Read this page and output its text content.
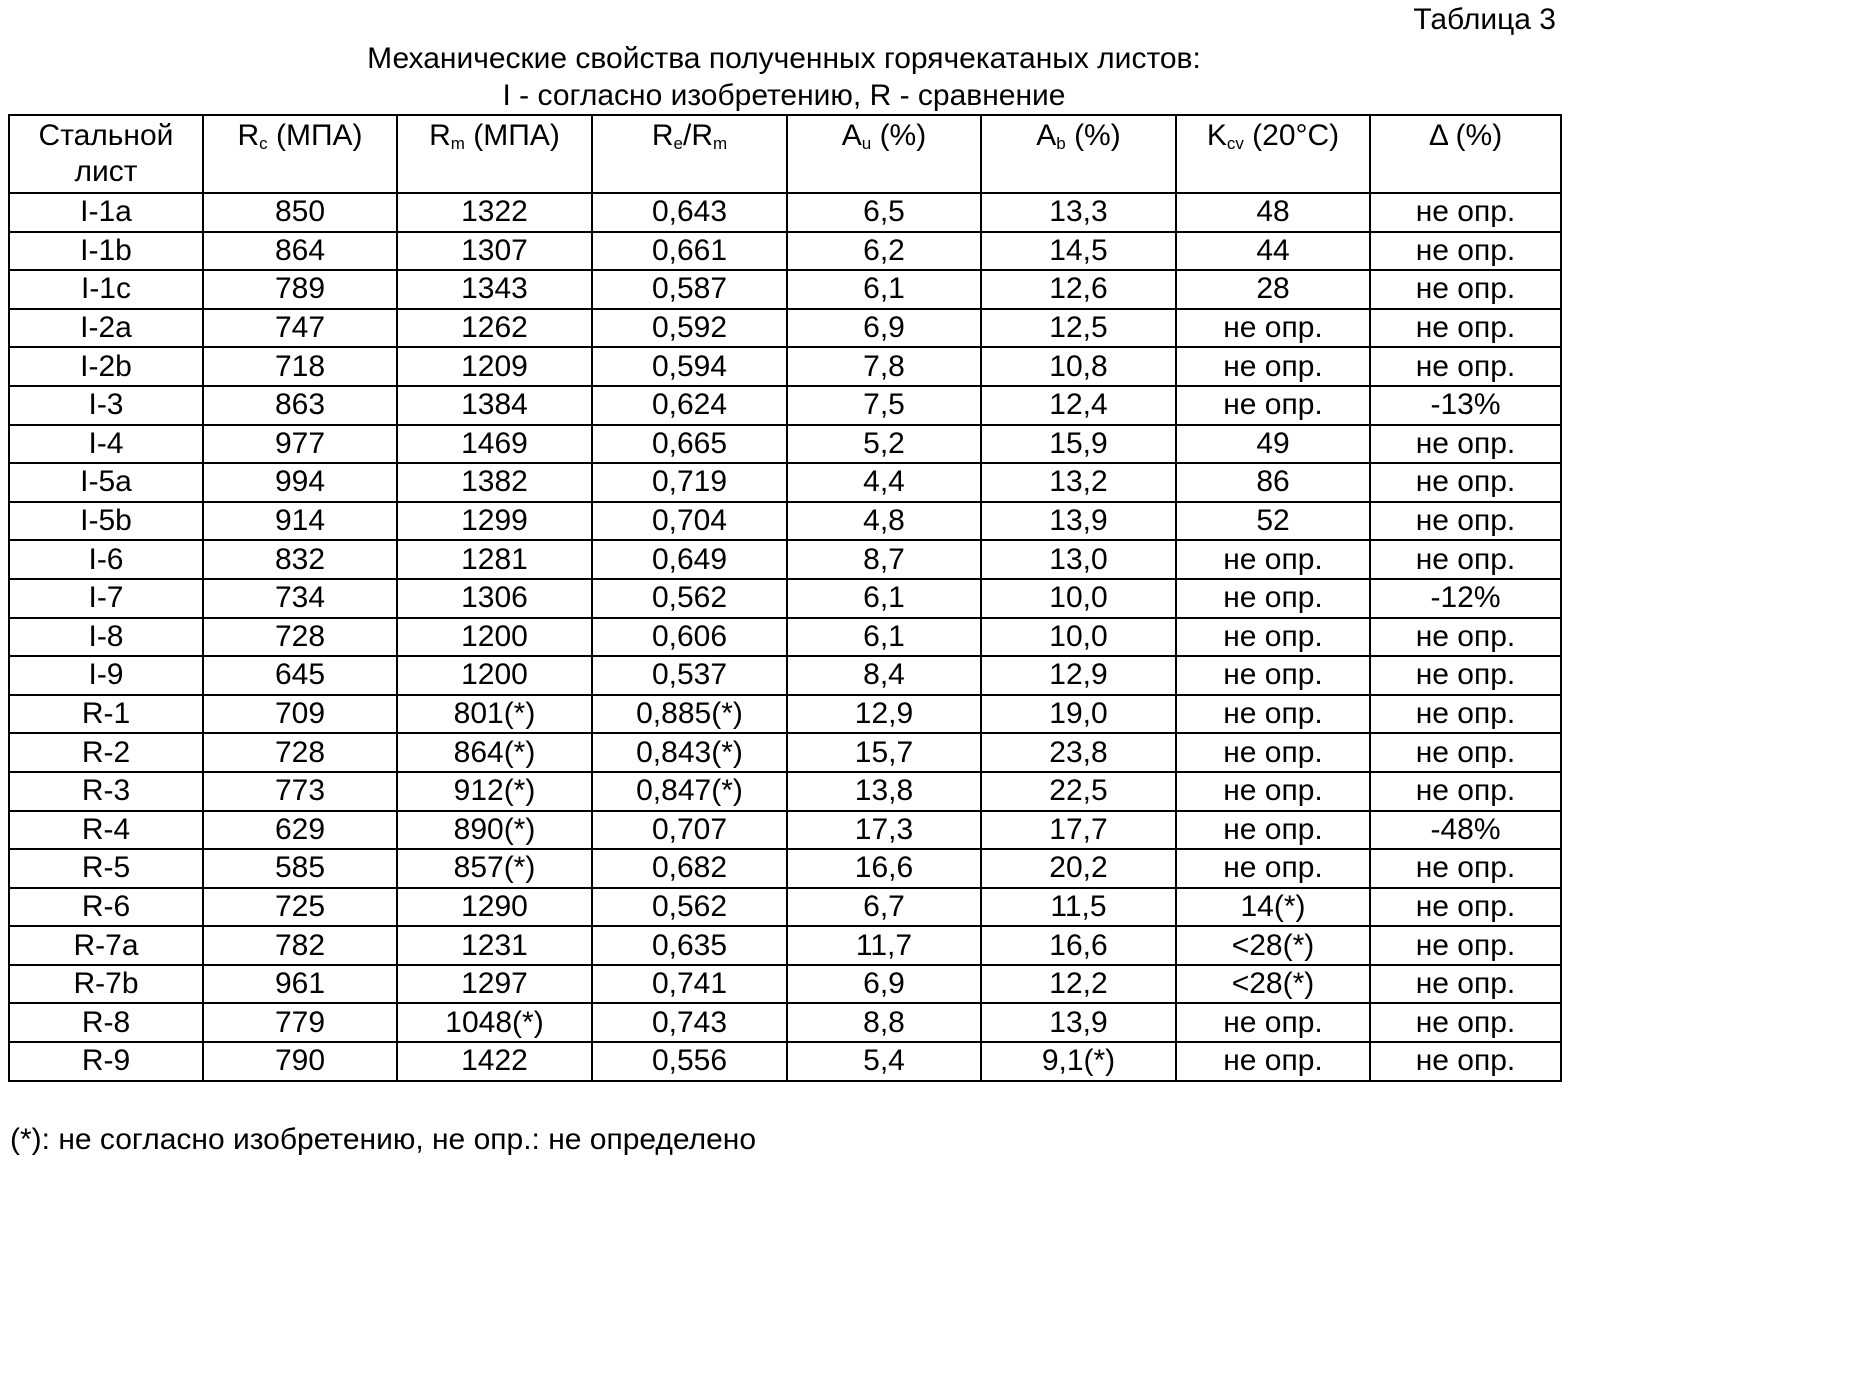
Таблица 3
Механические свойства полученных горячекатаных листов:
I - согласно изобретению, R - сравнение
Стальной
лист	Rc (МПА)	Rm (МПА)	Re/Rm	Au (%)	Ab (%)	Kcv (20°C)	Δ (%)
I-1a	850	1322	0,643	6,5	13,3	48	не опр.
I-1b	864	1307	0,661	6,2	14,5	44	не опр.
I-1c	789	1343	0,587	6,1	12,6	28	не опр.
I-2a	747	1262	0,592	6,9	12,5	не опр.	не опр.
I-2b	718	1209	0,594	7,8	10,8	не опр.	не опр.
I-3	863	1384	0,624	7,5	12,4	не опр.	-13%
I-4	977	1469	0,665	5,2	15,9	49	не опр.
I-5a	994	1382	0,719	4,4	13,2	86	не опр.
I-5b	914	1299	0,704	4,8	13,9	52	не опр.
I-6	832	1281	0,649	8,7	13,0	не опр.	не опр.
I-7	734	1306	0,562	6,1	10,0	не опр.	-12%
I-8	728	1200	0,606	6,1	10,0	не опр.	не опр.
I-9	645	1200	0,537	8,4	12,9	не опр.	не опр.
R-1	709	801(*)	0,885(*)	12,9	19,0	не опр.	не опр.
R-2	728	864(*)	0,843(*)	15,7	23,8	не опр.	не опр.
R-3	773	912(*)	0,847(*)	13,8	22,5	не опр.	не опр.
R-4	629	890(*)	0,707	17,3	17,7	не опр.	-48%
R-5	585	857(*)	0,682	16,6	20,2	не опр.	не опр.
R-6	725	1290	0,562	6,7	11,5	14(*)	не опр.
R-7a	782	1231	0,635	11,7	16,6	<28(*)	не опр.
R-7b	961	1297	0,741	6,9	12,2	<28(*)	не опр.
R-8	779	1048(*)	0,743	8,8	13,9	не опр.	не опр.
R-9	790	1422	0,556	5,4	9,1(*)	не опр.	не опр.
(*): не согласно изобретению, не опр.: не определено
